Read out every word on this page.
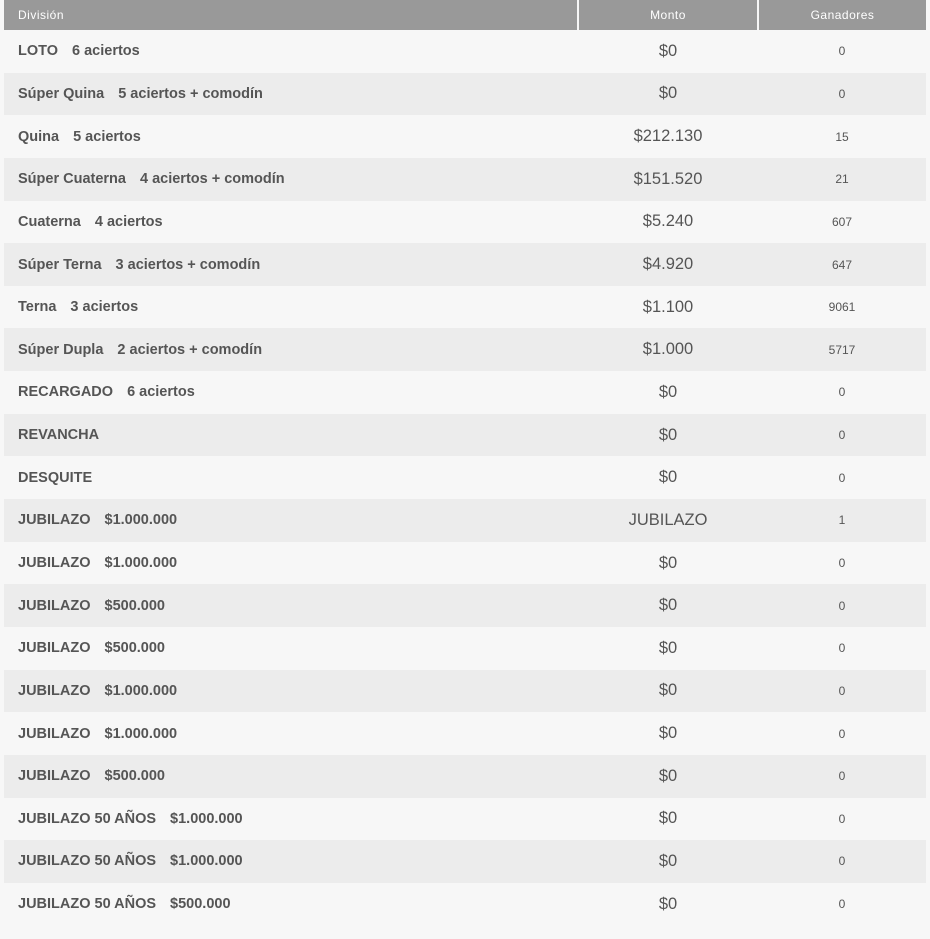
División	Monto	Ganadores
LOTO 6 aciertos	$0	0
Súper Quina 5 aciertos + comodín	$0	0
Quina 5 aciertos	$212.130	15
Súper Cuaterna 4 aciertos + comodín	$151.520	21
Cuaterna 4 aciertos	$5.240	607
Súper Terna 3 aciertos + comodín	$4.920	647
Terna 3 aciertos	$1.100	9061
Súper Dupla 2 aciertos + comodín	$1.000	5717
RECARGADO 6 aciertos	$0	0
REVANCHA	$0	0
DESQUITE	$0	0
JUBILAZO $1.000.000	JUBILAZO	1
JUBILAZO $1.000.000	$0	0
JUBILAZO $500.000	$0	0
JUBILAZO $500.000	$0	0
JUBILAZO $1.000.000	$0	0
JUBILAZO $1.000.000	$0	0
JUBILAZO $500.000	$0	0
JUBILAZO 50 AÑOS $1.000.000	$0	0
JUBILAZO 50 AÑOS $1.000.000	$0	0
JUBILAZO 50 AÑOS $500.000	$0	0
